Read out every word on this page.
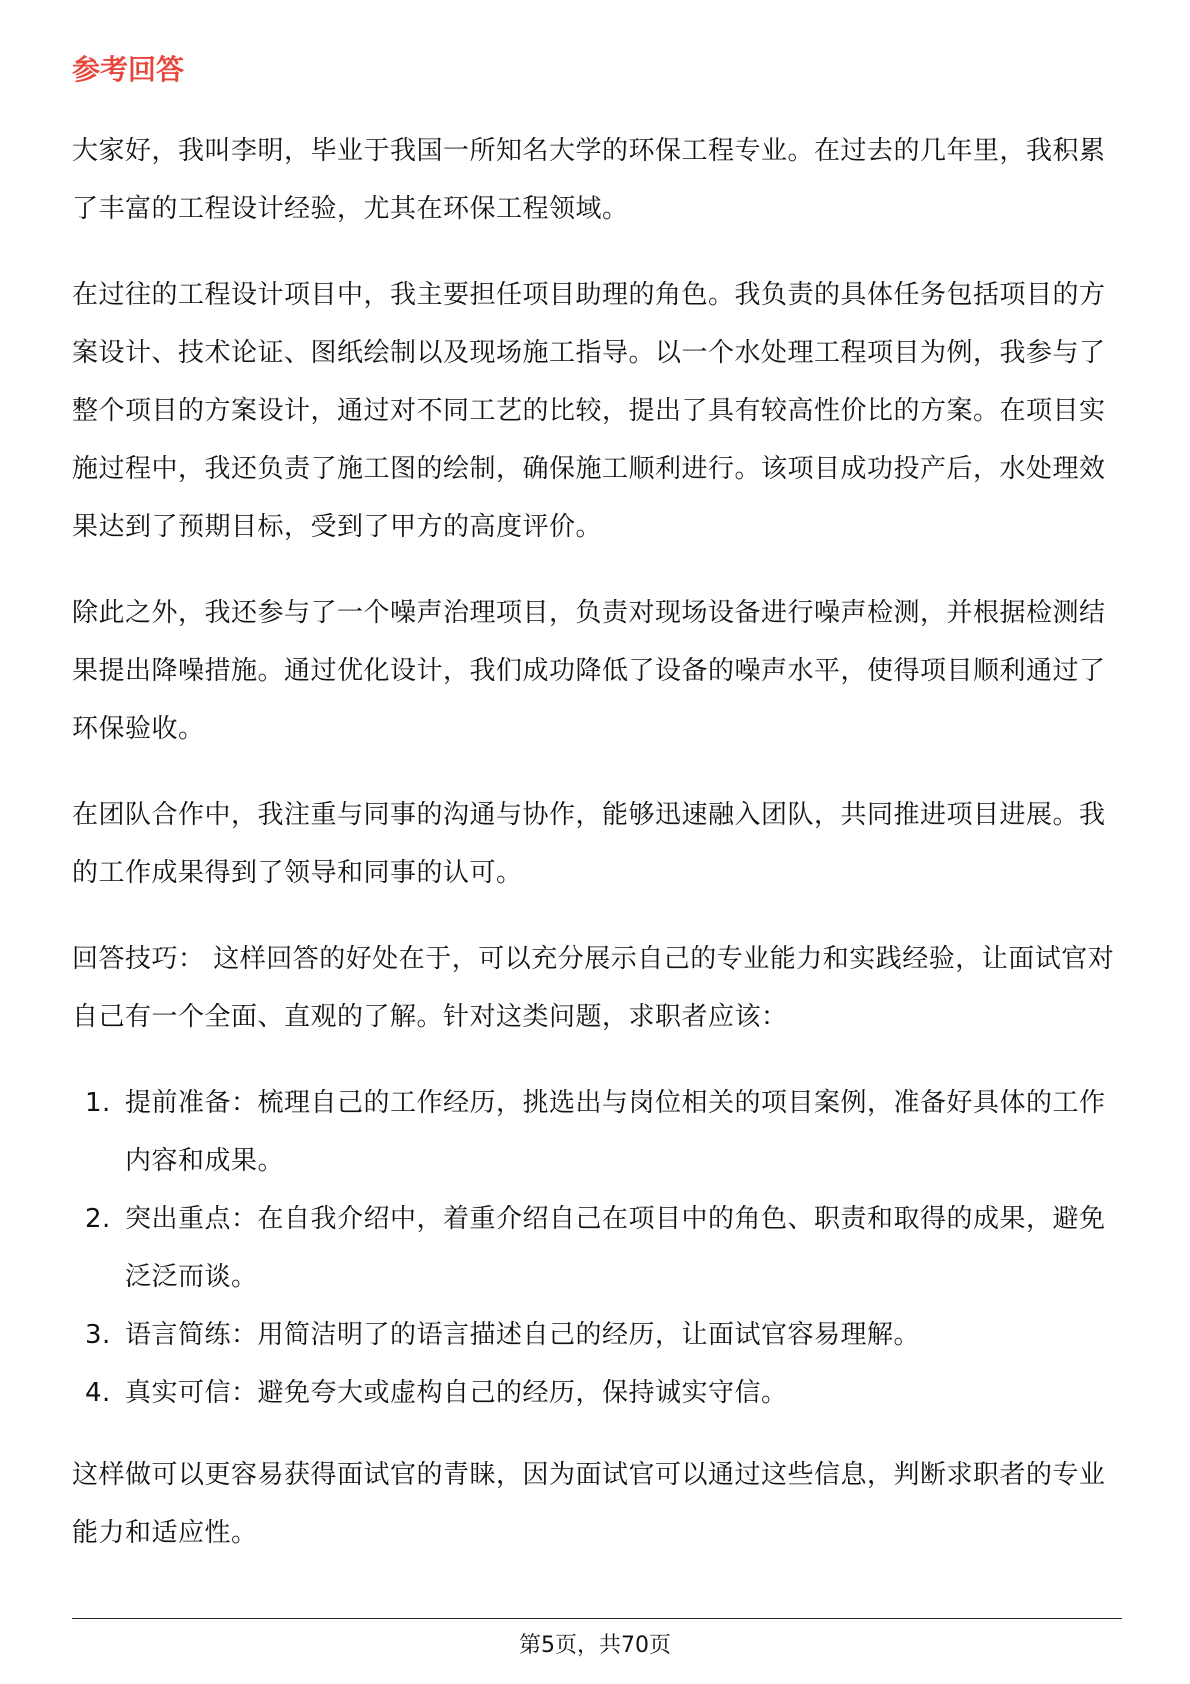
参考回答

大家好，我叫李明，毕业于我国一所知名大学的环保工程专业。在过去的几年里，我积累了丰富的工程设计经验，尤其在环保工程领域。

在过往的工程设计项目中，我主要担任项目助理的角色。我负责的具体任务包括项目的方案设计、技术论证、图纸绘制以及现场施工指导。以一个水处理工程项目为例，我参与了整个项目的方案设计，通过对不同工艺的比较，提出了具有较高性价比的方案。在项目实施过程中，我还负责了施工图的绘制，确保施工顺利进行。该项目成功投产后，水处理效果达到了预期目标，受到了甲方的高度评价。

除此之外，我还参与了一个噪声治理项目，负责对现场设备进行噪声检测，并根据检测结果提出降噪措施。通过优化设计，我们成功降低了设备的噪声水平，使得项目顺利通过了环保验收。

在团队合作中，我注重与同事的沟通与协作，能够迅速融入团队，共同推进项目进展。我的工作成果得到了领导和同事的认可。

回答技巧： 这样回答的好处在于，可以充分展示自己的专业能力和实践经验，让面试官对自己有一个全面、直观的了解。针对这类问题，求职者应该：

1. 提前准备：梳理自己的工作经历，挑选出与岗位相关的项目案例，准备好具体的工作内容和成果。
2. 突出重点：在自我介绍中，着重介绍自己在项目中的角色、职责和取得的成果，避免泛泛而谈。
3. 语言简练：用简洁明了的语言描述自己的经历，让面试官容易理解。
4. 真实可信：避免夸大或虚构自己的经历，保持诚实守信。

这样做可以更容易获得面试官的青睐，因为面试官可以通过这些信息，判断求职者的专业能力和适应性。

第5页，共70页
